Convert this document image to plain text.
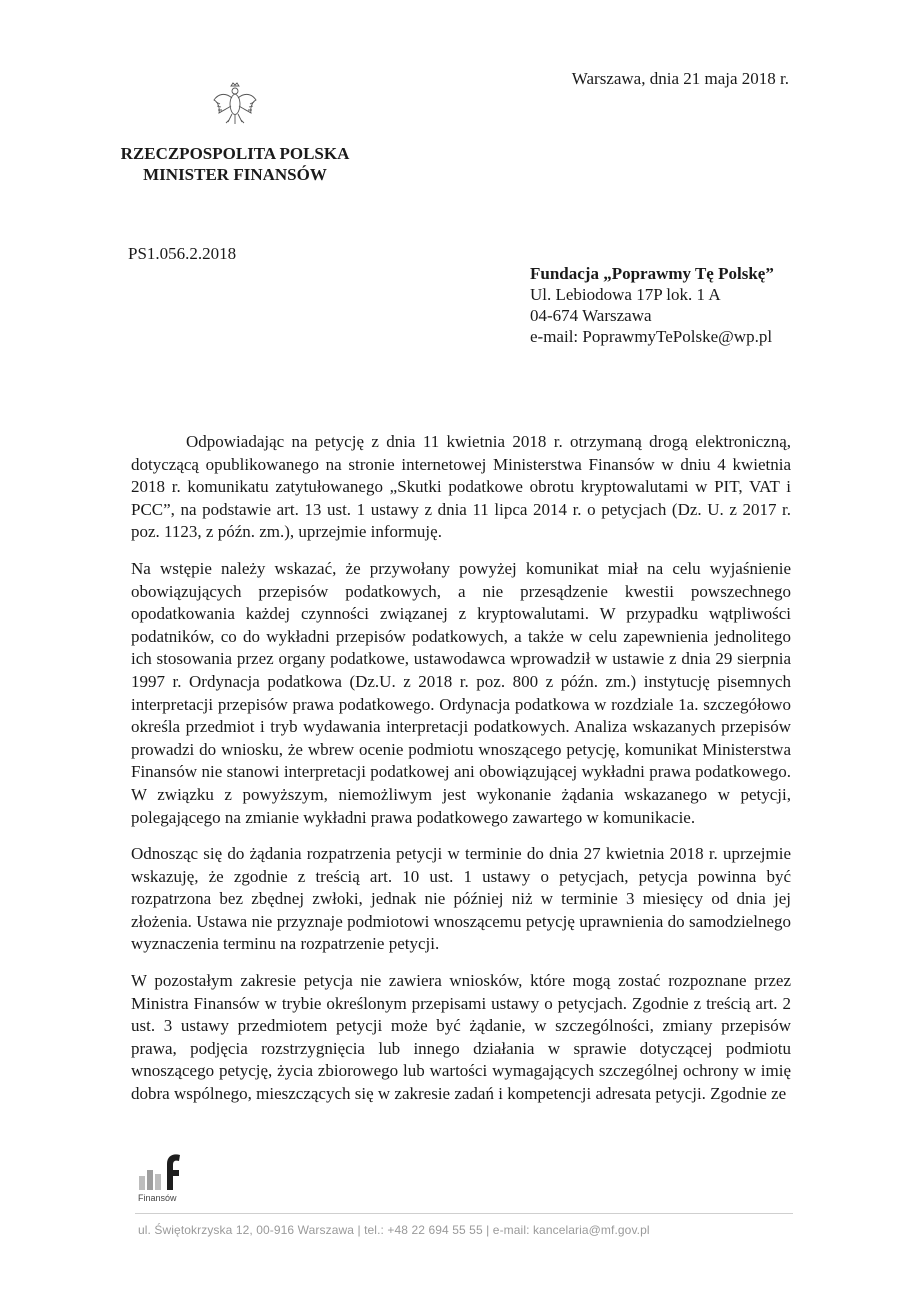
Warszawa, dnia 21 maja 2018 r.
RZECZPOSPOLITA POLSKA
MINISTER FINANSÓW
PS1.056.2.2018
Fundacja „Poprawmy Tę Polskę”
Ul. Lebiodowa 17P lok. 1 A
04-674 Warszawa
e-mail: PoprawmyTePolske@wp.pl

Odpowiadając na petycję z dnia 11 kwietnia 2018 r. otrzymaną drogą elektroniczną, dotyczącą opublikowanego na stronie internetowej Ministerstwa Finansów w dniu 4 kwietnia 2018 r. komunikatu zatytułowanego „Skutki podatkowe obrotu kryptowalutami w PIT, VAT i PCC”, na podstawie art. 13 ust. 1 ustawy z dnia 11 lipca 2014 r. o petycjach (Dz. U. z 2017 r. poz. 1123, z późn. zm.), uprzejmie informuję.

Na wstępie należy wskazać, że przywołany powyżej komunikat miał na celu wyjaśnienie obowiązujących przepisów podatkowych, a nie przesądzenie kwestii powszechnego opodatkowania każdej czynności związanej z kryptowalutami. W przypadku wątpliwości podatników, co do wykładni przepisów podatkowych, a także w celu zapewnienia jednolitego ich stosowania przez organy podatkowe, ustawodawca wprowadził w ustawie z dnia 29 sierpnia 1997 r. Ordynacja podatkowa (Dz.U. z 2018 r. poz. 800 z późn. zm.) instytucję pisemnych interpretacji przepisów prawa podatkowego. Ordynacja podatkowa w rozdziale 1a. szczegółowo określa przedmiot i tryb wydawania interpretacji podatkowych. Analiza wskazanych przepisów prowadzi do wniosku, że wbrew ocenie podmiotu wnoszącego petycję, komunikat Ministerstwa Finansów nie stanowi interpretacji podatkowej ani obowiązującej wykładni prawa podatkowego. W związku z powyższym, niemożliwym jest wykonanie żądania wskazanego w petycji, polegającego na zmianie wykładni prawa podatkowego zawartego w komunikacie.

Odnosząc się do żądania rozpatrzenia petycji w terminie do dnia 27 kwietnia 2018 r. uprzejmie wskazuję, że zgodnie z treścią art. 10 ust. 1 ustawy o petycjach, petycja powinna być rozpatrzona bez zbędnej zwłoki, jednak nie później niż w terminie 3 miesięcy od dnia jej złożenia. Ustawa nie przyznaje podmiotowi wnoszącemu petycję uprawnienia do samodzielnego wyznaczenia terminu na rozpatrzenie petycji.

W pozostałym zakresie petycja nie zawiera wniosków, które mogą zostać rozpoznane przez Ministra Finansów w trybie określonym przepisami ustawy o petycjach. Zgodnie z treścią art. 2 ust. 3 ustawy przedmiotem petycji może być żądanie, w szczególności, zmiany przepisów prawa, podjęcia rozstrzygnięcia lub innego działania w sprawie dotyczącej podmiotu wnoszącego petycję, życia zbiorowego lub wartości wymagających szczególnej ochrony w imię dobra wspólnego, mieszczących się w zakresie zadań i kompetencji adresata petycji. Zgodnie ze

Finansów
ul. Świętokrzyska 12, 00-916 Warszawa | tel.: +48 22 694 55 55 | e-mail: kancelaria@mf.gov.pl
